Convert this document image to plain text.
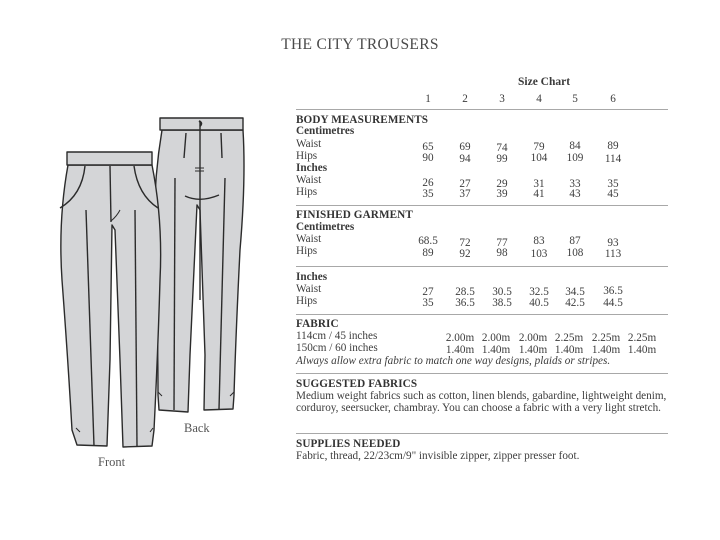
THE CITY TROUSERS
Front
Back
Size Chart
1	2	3	4	5	6
BODY MEASUREMENTS
Centimetres
Waist	65	69	74	79	84	89
Hips	90	94	99	104	109	114
Inches
Waist	26	27	29	31	33	35
Hips	35	37	39	41	43	45
FINISHED GARMENT
Centimetres
Waist	68.5	72	77	83	87	93
Hips	89	92	98	103	108	113
Inches
Waist	27	28.5	30.5	32.5	34.5	36.5
Hips	35	36.5	38.5	40.5	42.5	44.5
FABRIC
114cm / 45 inches	2.00m 2.00m 2.00m 2.25m 2.25m 2.25m
150cm / 60 inches	1.40m 1.40m 1.40m 1.40m 1.40m 1.40m
Always allow extra fabric to match one way designs, plaids or stripes.
SUGGESTED FABRICS
Medium weight fabrics such as cotton, linen blends, gabardine, lightweight denim, corduroy, seersucker, chambray. You can choose a fabric with a very light stretch.
SUPPLIES NEEDED
Fabric, thread, 22/23cm/9" invisible zipper, zipper presser foot.
